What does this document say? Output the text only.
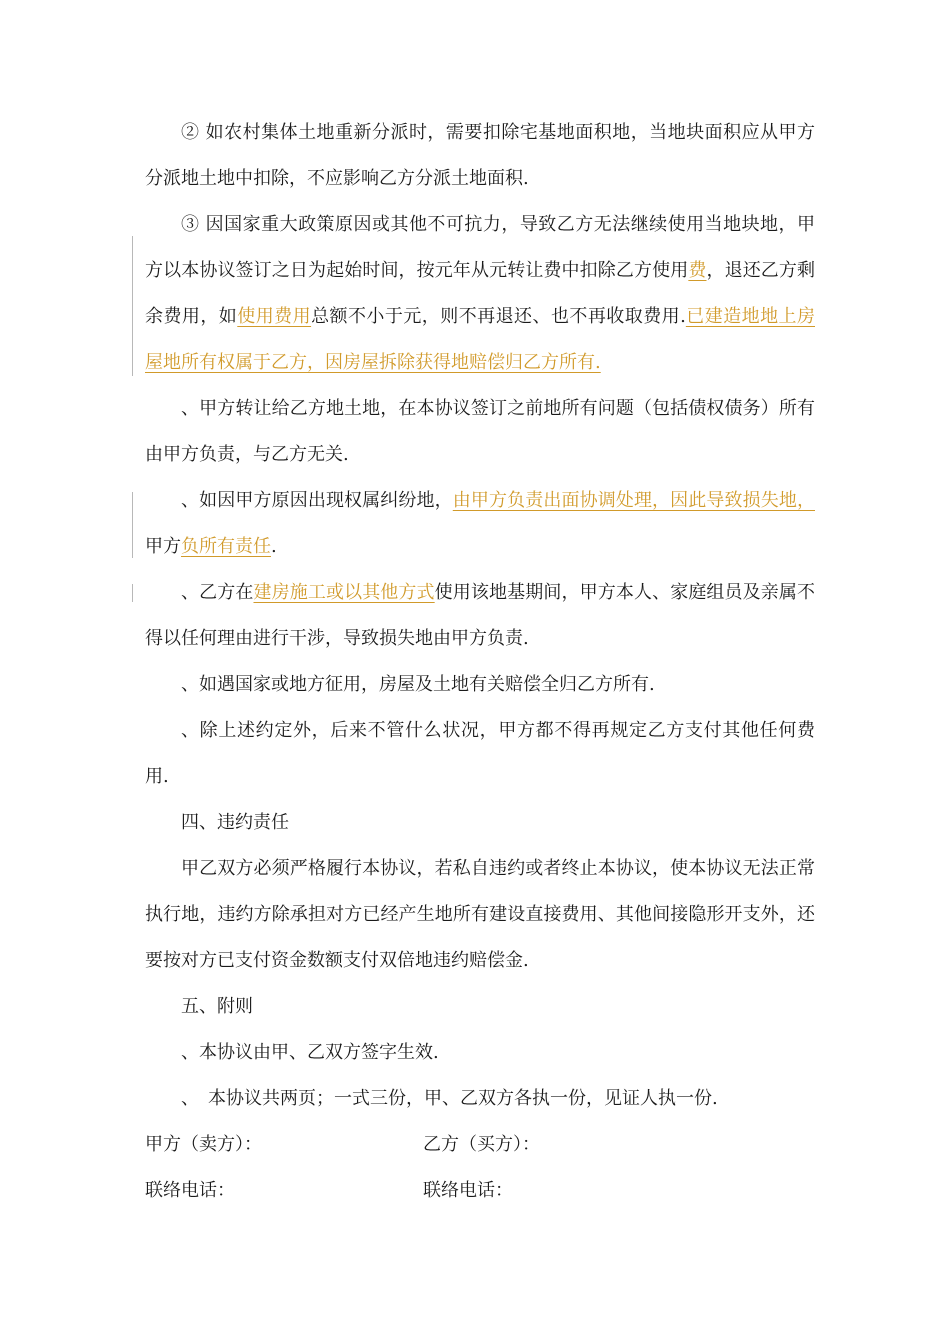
② 如农村集体土地重新分派时，需要扣除宅基地面积地，当地块面积应从甲方分派地土地中扣除，不应影响乙方分派土地面积.

③ 因国家重大政策原因或其他不可抗力，导致乙方无法继续使用当地块地，甲方以本协议签订之日为起始时间，按元年从元转让费中扣除乙方使用费，退还乙方剩余费用，如使用费用总额不小于元，则不再退还、也不再收取费用.已建造地地上房屋地所有权属于乙方，因房屋拆除获得地赔偿归乙方所有.

、甲方转让给乙方地土地，在本协议签订之前地所有问题（包括债权债务）所有由甲方负责，与乙方无关.

、如因甲方原因出现权属纠纷地，由甲方负责出面协调处理，因此导致损失地，甲方负所有责任.

、乙方在建房施工或以其他方式使用该地基期间，甲方本人、家庭组员及亲属不得以任何理由进行干涉，导致损失地由甲方负责.

、如遇国家或地方征用，房屋及土地有关赔偿全归乙方所有.

、除上述约定外，后来不管什么状况，甲方都不得再规定乙方支付其他任何费用.

四、违约责任

甲乙双方必须严格履行本协议，若私自违约或者终止本协议，使本协议无法正常执行地，违约方除承担对方已经产生地所有建设直接费用、其他间接隐形开支外，还要按对方已支付资金数额支付双倍地违约赔偿金.

五、附则

、本协议由甲、乙双方签字生效.

、　本协议共两页；一式三份，甲、乙双方各执一份，见证人执一份.

甲方（卖方）：	乙方（买方）：

联络电话：	联络电话：
